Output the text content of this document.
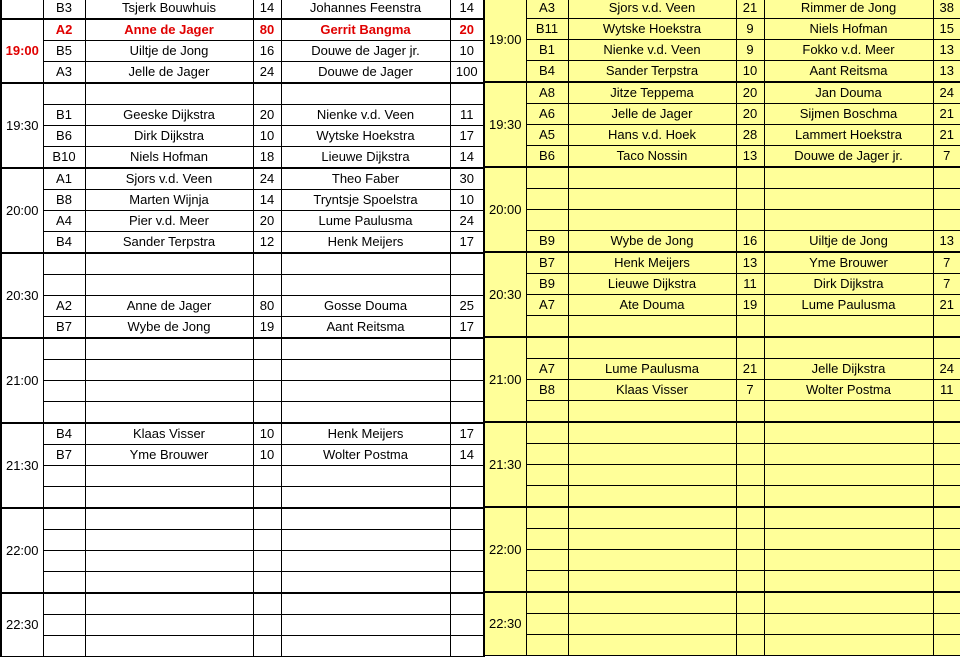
	B3	Tsjerk Bouwhuis	14	Johannes Feenstra	14
19:00	A2	Anne de Jager	80	Gerrit Bangma	20
	B5	Uiltje de Jong	16	Douwe de Jager jr.	10
	A3	Jelle de Jager	24	Douwe de Jager	100
19:30					
	B1	Geeske Dijkstra	20	Nienke v.d. Veen	11
	B6	Dirk Dijkstra	10	Wytske Hoekstra	17
	B10	Niels Hofman	18	Lieuwe Dijkstra	14
20:00	A1	Sjors v.d. Veen	24	Theo Faber	30
	B8	Marten Wijnja	14	Tryntsje Spoelstra	10
	A4	Pier v.d. Meer	20	Lume Paulusma	24
	B4	Sander Terpstra	12	Henk Meijers	17
20:30					

	A2	Anne de Jager	80	Gosse Douma	25
	B7	Wybe de Jong	19	Aant Reitsma	17
21:00					

21:30	B4	Klaas Visser	10	Henk Meijers	17
	B7	Yme Brouwer	10	Wolter Postma	14

22:00					

22:30					

19:00	A3	Sjors v.d. Veen	21	Rimmer de Jong	38
	B11	Wytske Hoekstra	9	Niels Hofman	15
	B1	Nienke v.d. Veen	9	Fokko v.d. Meer	13
	B4	Sander Terpstra	10	Aant Reitsma	13
19:30	A8	Jitze Teppema	20	Jan Douma	24
	A6	Jelle de Jager	20	Sijmen Boschma	21
	A5	Hans v.d. Hoek	28	Lammert Hoekstra	21
	B6	Taco Nossin	13	Douwe de Jager jr.	7
20:00					

	B9	Wybe de Jong	16	Uiltje de Jong	13
20:30	B7	Henk Meijers	13	Yme Brouwer	7
	B9	Lieuwe Dijkstra	11	Dirk Dijkstra	7
	A7	Ate Douma	19	Lume Paulusma	21

21:00					
	A7	Lume Paulusma	21	Jelle Dijkstra	24
	B8	Klaas Visser	7	Wolter Postma	11

21:30					

22:00					

22:30					
